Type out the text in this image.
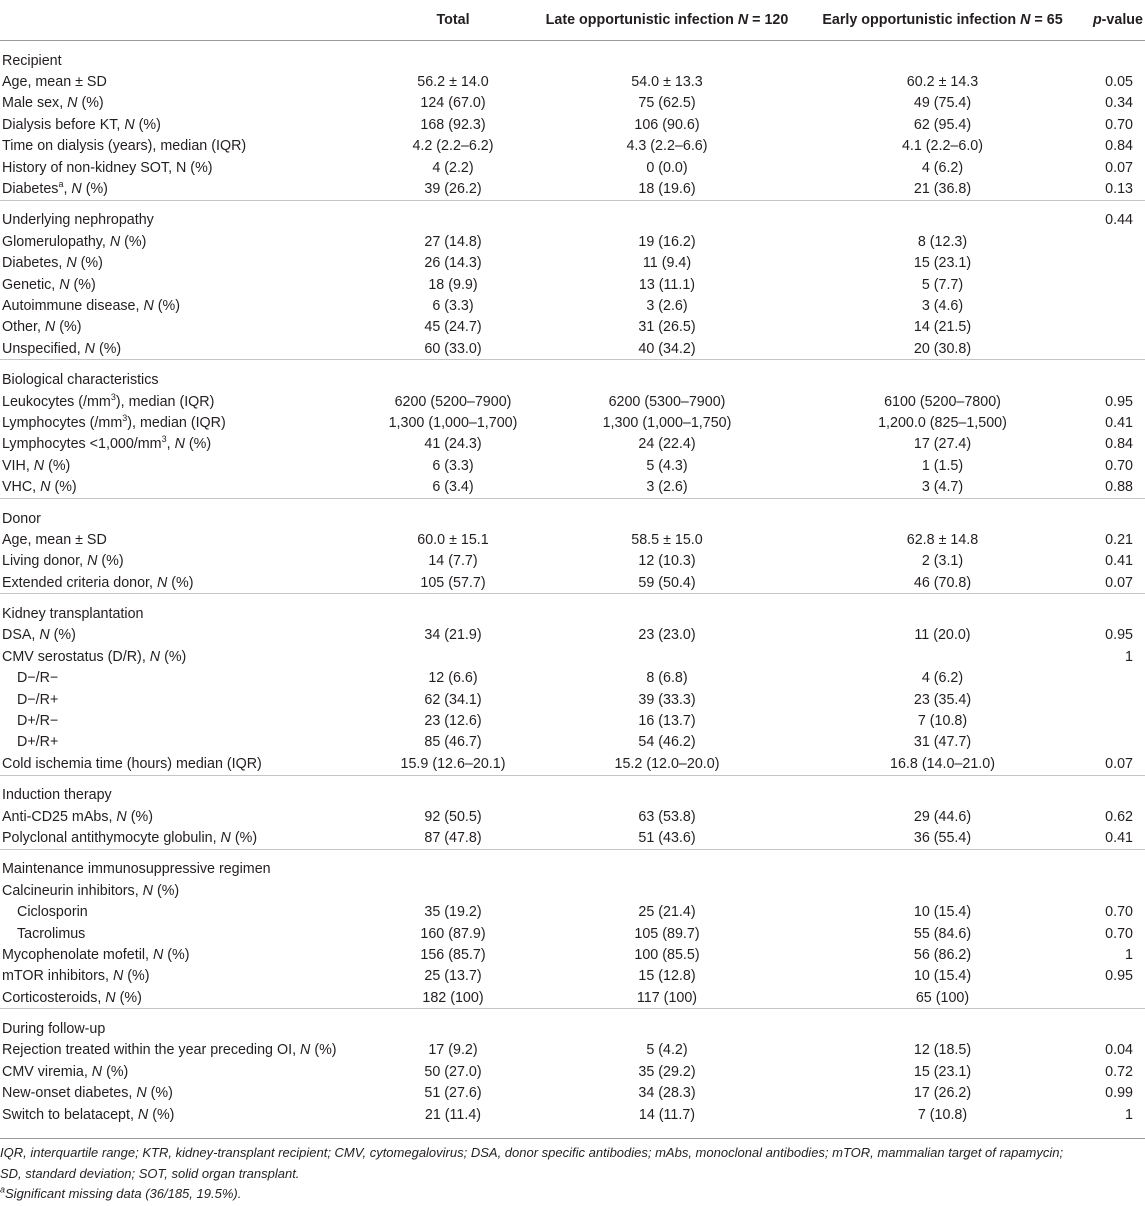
	Total	Late opportunistic infection N = 120	Early opportunistic infection N = 65	p-value
Recipient				
Age, mean ± SD	56.2 ± 14.0	54.0 ± 13.3	60.2 ± 14.3	0.05
Male sex, N (%)	124 (67.0)	75 (62.5)	49 (75.4)	0.34
Dialysis before KT, N (%)	168 (92.3)	106 (90.6)	62 (95.4)	0.70
Time on dialysis (years), median (IQR)	4.2 (2.2–6.2)	4.3 (2.2–6.6)	4.1 (2.2–6.0)	0.84
History of non-kidney SOT, N (%)	4 (2.2)	0 (0.0)	4 (6.2)	0.07
Diabetes$^a$, N (%)	39 (26.2)	18 (19.6)	21 (36.8)	0.13
Underlying nephropathy				0.44
Glomerulopathy, N (%)	27 (14.8)	19 (16.2)	8 (12.3)	
Diabetes, N (%)	26 (14.3)	11 (9.4)	15 (23.1)	
Genetic, N (%)	18 (9.9)	13 (11.1)	5 (7.7)	
Autoimmune disease, N (%)	6 (3.3)	3 (2.6)	3 (4.6)	
Other, N (%)	45 (24.7)	31 (26.5)	14 (21.5)	
Unspecified, N (%)	60 (33.0)	40 (34.2)	20 (30.8)	
Biological characteristics				
Leukocytes $(/mm^3)$, median (IQR)	6200 (5200–7900)	6200 (5300–7900)	6100 (5200–7800)	0.95
Lymphocytes $(/mm^3)$, median (IQR)	1,300 (1,000–1,700)	1,300 (1,000–1,750)	1,200.0 (825–1,500)	0.41
Lymphocytes $<1,000/mm^3$, N (%)	41 (24.3)	24 (22.4)	17 (27.4)	0.84
VIH, N (%)	6 (3.3)	5 (4.3)	1 (1.5)	0.70
VHC, N (%)	6 (3.4)	3 (2.6)	3 (4.7)	0.88
Donor				
Age, mean ± SD	60.0 ± 15.1	58.5 ± 15.0	62.8 ± 14.8	0.21
Living donor, N (%)	14 (7.7)	12 (10.3)	2 (3.1)	0.41
Extended criteria donor, N (%)	105 (57.7)	59 (50.4)	46 (70.8)	0.07
Kidney transplantation				
DSA, N (%)	34 (21.9)	23 (23.0)	11 (20.0)	0.95
CMV serostatus (D/R), N (%)				1
D−/R−	12 (6.6)	8 (6.8)	4 (6.2)	
D−/R+	62 (34.1)	39 (33.3)	23 (35.4)	
D+/R−	23 (12.6)	16 (13.7)	7 (10.8)	
D+/R+	85 (46.7)	54 (46.2)	31 (47.7)	
Cold ischemia time (hours) median (IQR)	15.9 (12.6–20.1)	15.2 (12.0–20.0)	16.8 (14.0–21.0)	0.07
Induction therapy				
Anti-CD25 mAbs, N (%)	92 (50.5)	63 (53.8)	29 (44.6)	0.62
Polyclonal antithymocyte globulin, N (%)	87 (47.8)	51 (43.6)	36 (55.4)	0.41
Maintenance immunosuppressive regimen				
Calcineurin inhibitors, N (%)				
Ciclosporin	35 (19.2)	25 (21.4)	10 (15.4)	0.70
Tacrolimus	160 (87.9)	105 (89.7)	55 (84.6)	0.70
Mycophenolate mofetil, N (%)	156 (85.7)	100 (85.5)	56 (86.2)	1
mTOR inhibitors, N (%)	25 (13.7)	15 (12.8)	10 (15.4)	0.95
Corticosteroids, N (%)	182 (100)	117 (100)	65 (100)	
During follow-up				
Rejection treated within the year preceding OI, N (%)	17 (9.2)	5 (4.2)	12 (18.5)	0.04
CMV viremia, N (%)	50 (27.0)	35 (29.2)	15 (23.1)	0.72
New-onset diabetes, N (%)	51 (27.6)	34 (28.3)	17 (26.2)	0.99
Switch to belatacept, N (%)	21 (11.4)	14 (11.7)	7 (10.8)	1
IQR, interquartile range; KTR, kidney-transplant recipient; CMV, cytomegalovirus; DSA, donor specific antibodies; mAbs, monoclonal antibodies; mTOR, mammalian target of rapamycin;
SD, standard deviation; SOT, solid organ transplant.
$^a$Significant missing data (36/185, 19.5%).
